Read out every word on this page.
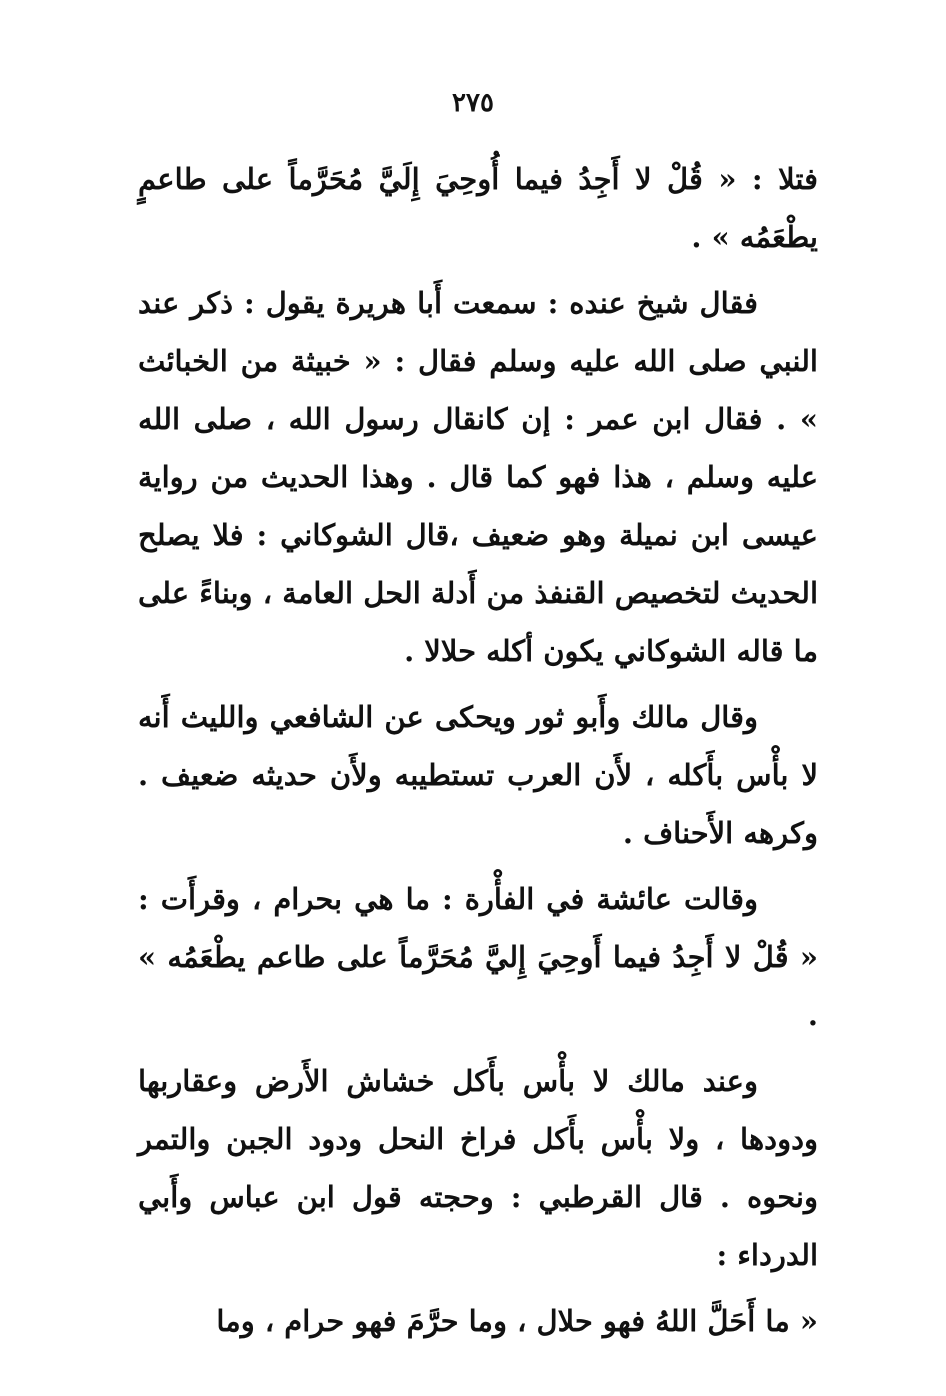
٢٧٥

فتلا : « قُلْ لا أَجِدُ فيما أُوحِيَ إِلَيَّ مُحَرَّماً على طاعمٍ يطْعَمُه » .

فقال شيخ عنده : سمعت أَبا هريرة يقول : ذكر عند النبي صلى الله عليه وسلم فقال : « خبيثة من الخبائث » . فقال ابن عمر : إن كانقال رسول الله ، صلى الله عليه وسلم ، هذا فهو كما قال . وهذا الحديث من رواية عيسى ابن نميلة وهو ضعيف ،قال الشوكاني : فلا يصلح الحديث لتخصيص القنفذ من أَدلة الحل العامة ، وبناءً على ما قاله الشوكاني يكون أكله حلالا .

وقال مالك وأَبو ثور ويحكى عن الشافعي والليث أَنه لا بأْس بأَكله ، لأَن العرب تستطيبه ولأَن حديثه ضعيف . وكرهه الأَحناف .

وقالت عائشة في الفأْرة : ما هي بحرام ، وقرأَت : « قُلْ لا أَجِدُ فيما أَوحِيَ إِليَّ مُحَرَّماً على طاعم يطْعَمُه » .

وعند مالك لا بأْس بأَكل خشاش الأَرض وعقاربها ودودها ، ولا بأْس بأَكل فراخ النحل ودود الجبن والتمر ونحوه . قال القرطبي : وحجته قول ابن عباس وأَبي الدرداء :

« ما أَحَلَّ اللهُ فهو حلال ، وما حرَّمَ فهو حرام ، وما
